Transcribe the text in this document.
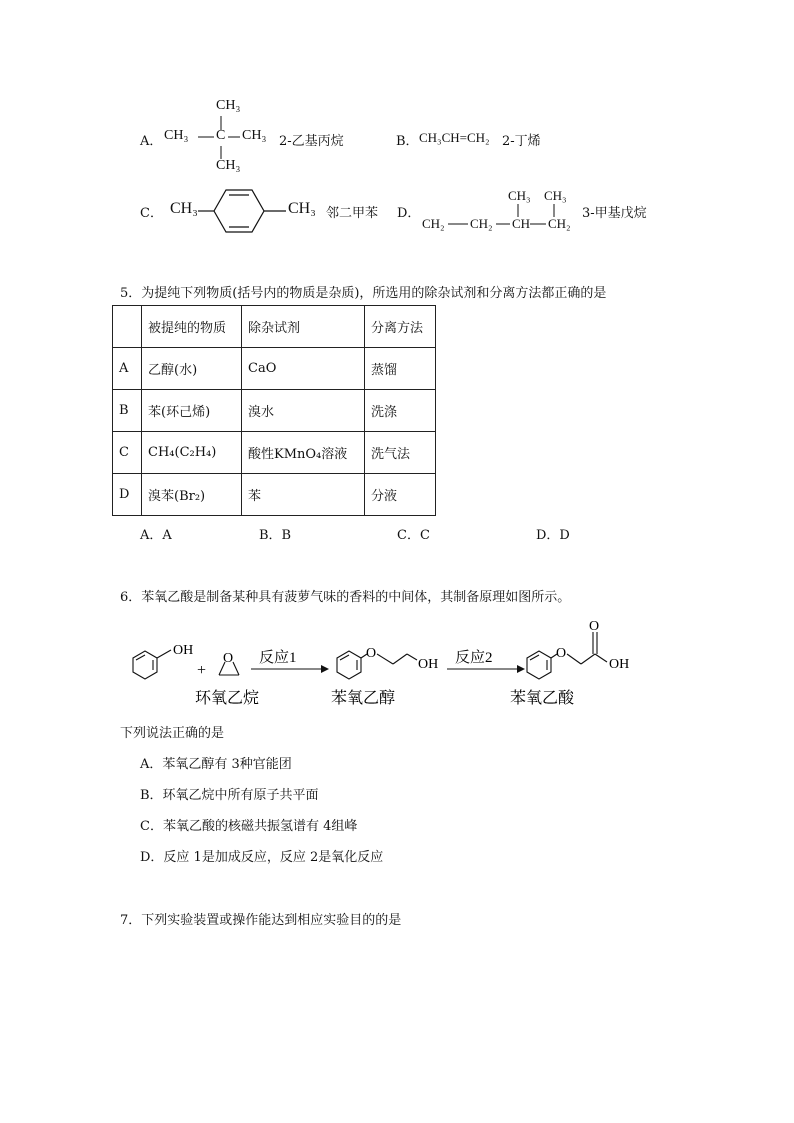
A．
CH₃
CH₃ C CH₃
CH₃
2-乙基丙烷	B． CH₃CH=CH₂ 2-丁烯
C． CH₃	CH₃ 邻二甲苯 D．
CH₃ CH₃
CH₂ CH₂ CH CH₂
3-甲基戊烷
5．为提纯下列物质(括号内的物质是杂质)，所选用的除杂试剂和分离方法都正确的是
	被提纯的物质	除杂试剂	分离方法
A	乙醇(水)	CaO	蒸馏
B	苯(环己烯)	溴水	洗涤
C	CH₄(C₂H₄)	酸性KMnO₄溶液	洗气法
D	溴苯(Br₂)	苯	分液
A．A	B．B	C．C	D．D
6．苯氧乙酸是制备某种具有菠萝气味的香料的中间体，其制备原理如图所示。
OH
+
O 反应1	O
OH 反应2	O
O
OH
环氧乙烷	苯氧乙醇	苯氧乙酸
下列说法正确的是
A．苯氧乙醇有 3种官能团
B．环氧乙烷中所有原子共平面
C．苯氧乙酸的核磁共振氢谱有 4组峰
D．反应 1是加成反应，反应 2是氧化反应
7．下列实验装置或操作能达到相应实验目的的是
